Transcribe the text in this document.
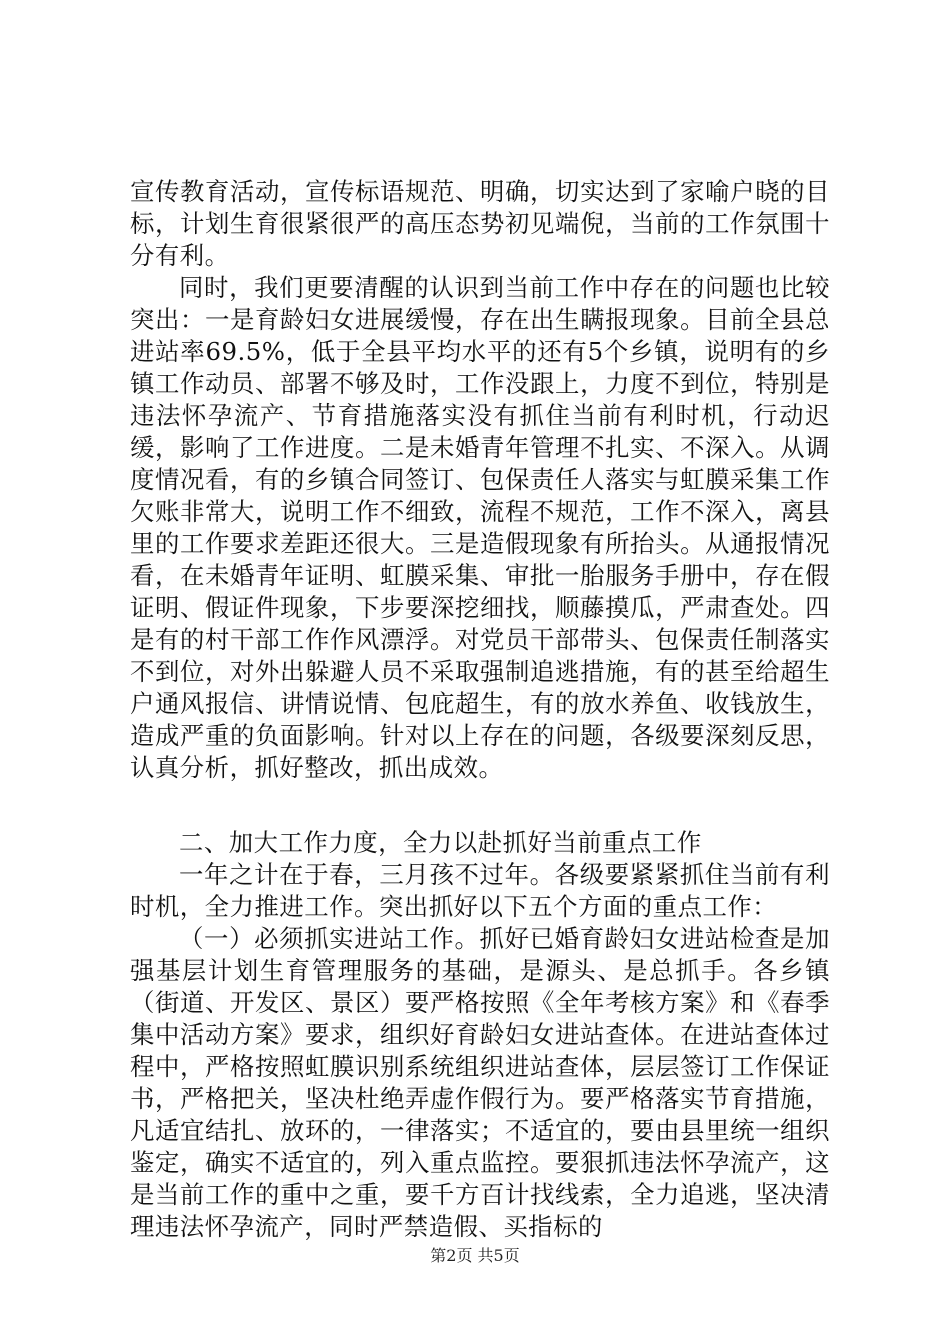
宣传教育活动，宣传标语规范、明确，切实达到了家喻户晓的目标，计划生育很紧很严的高压态势初见端倪，当前的工作氛围十分有利。

同时，我们更要清醒的认识到当前工作中存在的问题也比较突出：一是育龄妇女进展缓慢，存在出生瞒报现象。目前全县总进站率69.5%，低于全县平均水平的还有5个乡镇，说明有的乡镇工作动员、部署不够及时，工作没跟上，力度不到位，特别是违法怀孕流产、节育措施落实没有抓住当前有利时机，行动迟缓，影响了工作进度。二是未婚青年管理不扎实、不深入。从调度情况看，有的乡镇合同签订、包保责任人落实与虹膜采集工作欠账非常大，说明工作不细致，流程不规范，工作不深入，离县里的工作要求差距还很大。三是造假现象有所抬头。从通报情况看，在未婚青年证明、虹膜采集、审批一胎服务手册中，存在假证明、假证件现象，下步要深挖细找，顺藤摸瓜，严肃查处。四是有的村干部工作作风漂浮。对党员干部带头、包保责任制落实不到位，对外出躲避人员不采取强制追逃措施，有的甚至给超生户通风报信、讲情说情、包庇超生，有的放水养鱼、收钱放生，造成严重的负面影响。针对以上存在的问题，各级要深刻反思，认真分析，抓好整改，抓出成效。

二、加大工作力度，全力以赴抓好当前重点工作

一年之计在于春，三月孩不过年。各级要紧紧抓住当前有利时机，全力推进工作。突出抓好以下五个方面的重点工作：

（一）必须抓实进站工作。抓好已婚育龄妇女进站检查是加强基层计划生育管理服务的基础，是源头、是总抓手。各乡镇（街道、开发区、景区）要严格按照《全年考核方案》和《春季集中活动方案》要求，组织好育龄妇女进站查体。在进站查体过程中，严格按照虹膜识别系统组织进站查体，层层签订工作保证书，严格把关，坚决杜绝弄虚作假行为。要严格落实节育措施，凡适宜结扎、放环的，一律落实；不适宜的，要由县里统一组织鉴定，确实不适宜的，列入重点监控。要狠抓违法怀孕流产，这是当前工作的重中之重，要千方百计找线索，全力追逃，坚决清理违法怀孕流产，同时严禁造假、买指标的

第2页 共5页
